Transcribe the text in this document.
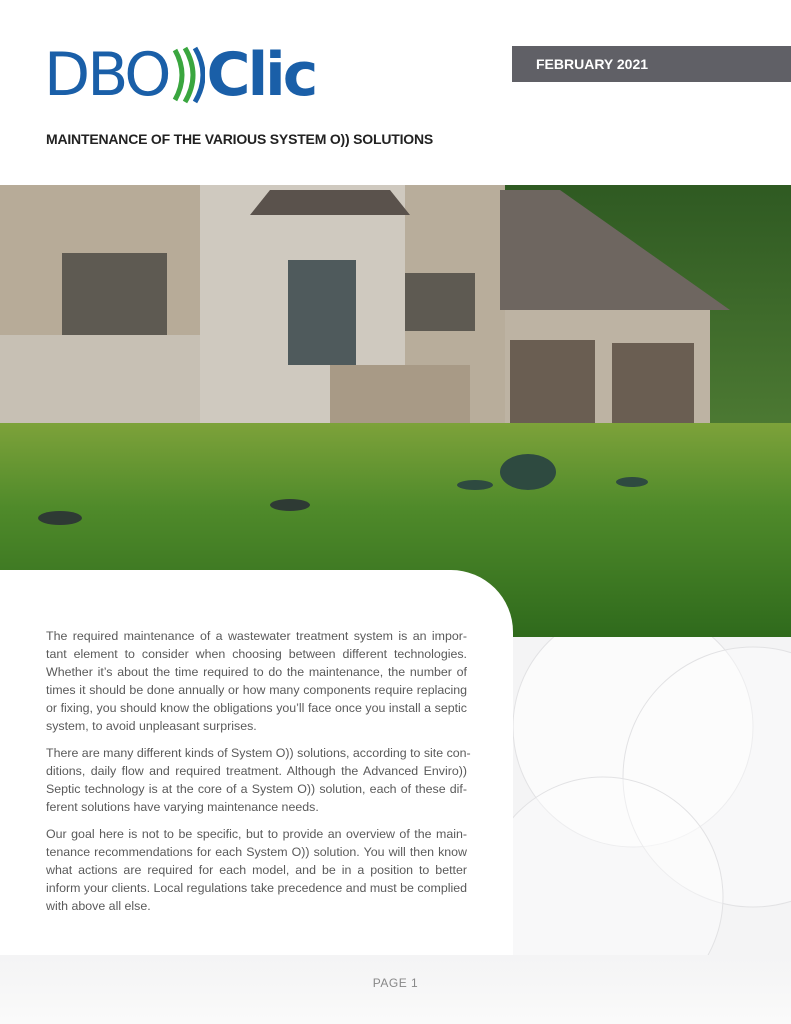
DBO Clic	FEBRUARY 2021
MAINTENANCE OF THE VARIOUS SYSTEM O)) SOLUTIONS

The required maintenance of a wastewater treatment system is an impor-
tant element to consider when choosing between different technologies.
Whether it’s about the time required to do the maintenance, the number of
times it should be done annually or how many components require replacing
or fixing, you should know the obligations you’ll face once you install a septic
system, to avoid unpleasant surprises.

There are many different kinds of System O)) solutions, according to site con-
ditions, daily flow and required treatment. Although the Advanced Enviro))
Septic technology is at the core of a System O)) solution, each of these dif-
ferent solutions have varying maintenance needs.

Our goal here is not to be specific, but to provide an overview of the main-
tenance recommendations for each System O)) solution. You will then know
what actions are required for each model, and be in a position to better
inform your clients. Local regulations take precedence and must be complied
with above all else.

PAGE 1
